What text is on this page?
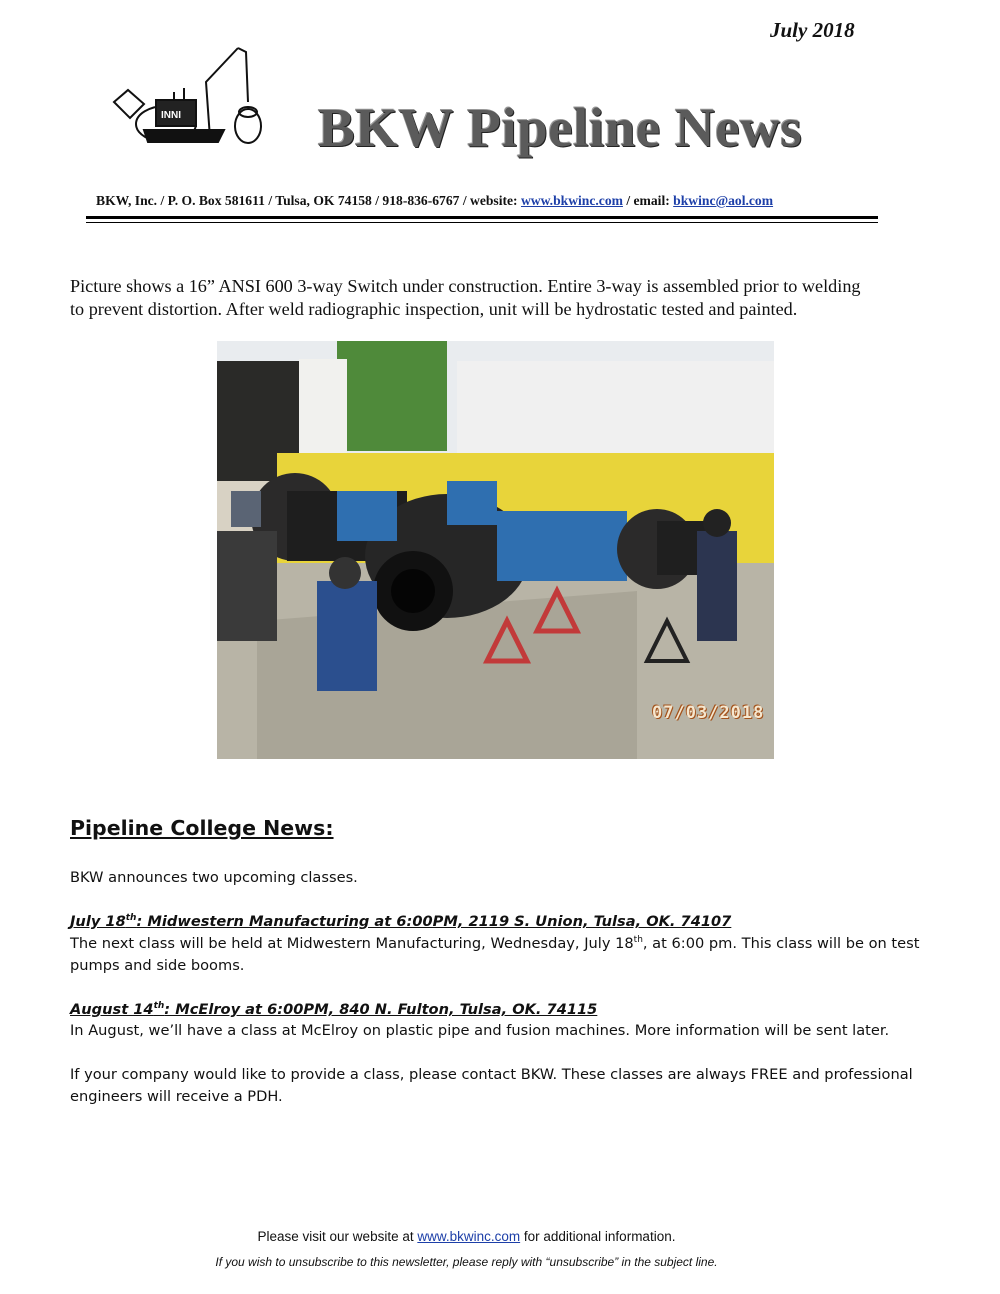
July 2018
INNI BKW Pipeline News
BKW, Inc. / P. O. Box 581611 / Tulsa, OK 74158 / 918-836-6767 / website: www.bkwinc.com / email: bkwinc@aol.com
Picture shows a 16” ANSI 600 3-way Switch under construction. Entire 3-way is assembled prior to welding to prevent distortion. After weld radiographic inspection, unit will be hydrostatic tested and painted.
07/03/2018
Pipeline College News:
BKW announces two upcoming classes.
July 18th: Midwestern Manufacturing at 6:00PM, 2119 S. Union, Tulsa, OK. 74107
The next class will be held at Midwestern Manufacturing, Wednesday, July 18th, at 6:00 pm. This class will be on test pumps and side booms.
August 14th: McElroy at 6:00PM, 840 N. Fulton, Tulsa, OK. 74115
In August, we’ll have a class at McElroy on plastic pipe and fusion machines. More information will be sent later.
If your company would like to provide a class, please contact BKW. These classes are always FREE and professional engineers will receive a PDH.
Please visit our website at www.bkwinc.com for additional information.
If you wish to unsubscribe to this newsletter, please reply with “unsubscribe” in the subject line.
